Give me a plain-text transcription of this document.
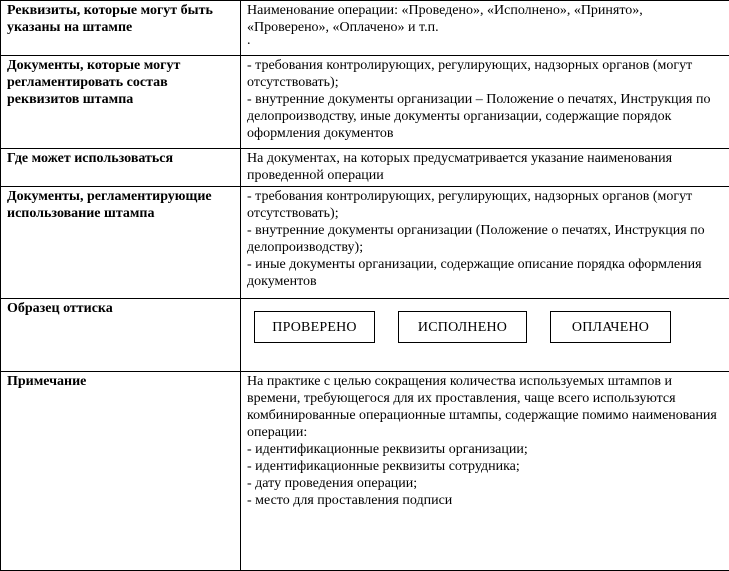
Реквизиты, которые могут быть указаны на штампе	Наименование операции: «Проведено», «Исполнено», «Принято», «Проверено», «Оплачено» и т.п.
.

Документы, которые могут регламентировать состав реквизитов штампа	- требования контролирующих, регулирующих, надзорных органов (могут отсутствовать);
- внутренние документы организации – Положение о печатях, Инструкция по делопроизводству, иные документы организации, содержащие порядок оформления документов

Где может использоваться	На документах, на которых предусматривается указание наименования проведенной операции

Документы, регламентирующие использование штампа	- требования контролирующих, регулирующих, надзорных органов (могут отсутствовать);
- внутренние документы организации (Положение о печатях, Инструкция по делопроизводству);
- иные документы организации, содержащие описание порядка оформления документов

Образец оттиска	ПРОВЕРЕНО ИСПОЛНЕНО ОПЛАЧЕНО

Примечание	На практике с целью сокращения количества используемых штампов и времени, требующегося для их проставления, чаще всего используются комбинированные операционные штампы, содержащие помимо наименования операции:
- идентификационные реквизиты организации;
- идентификационные реквизиты сотрудника;
- дату проведения операции;
- место для проставления подписи
